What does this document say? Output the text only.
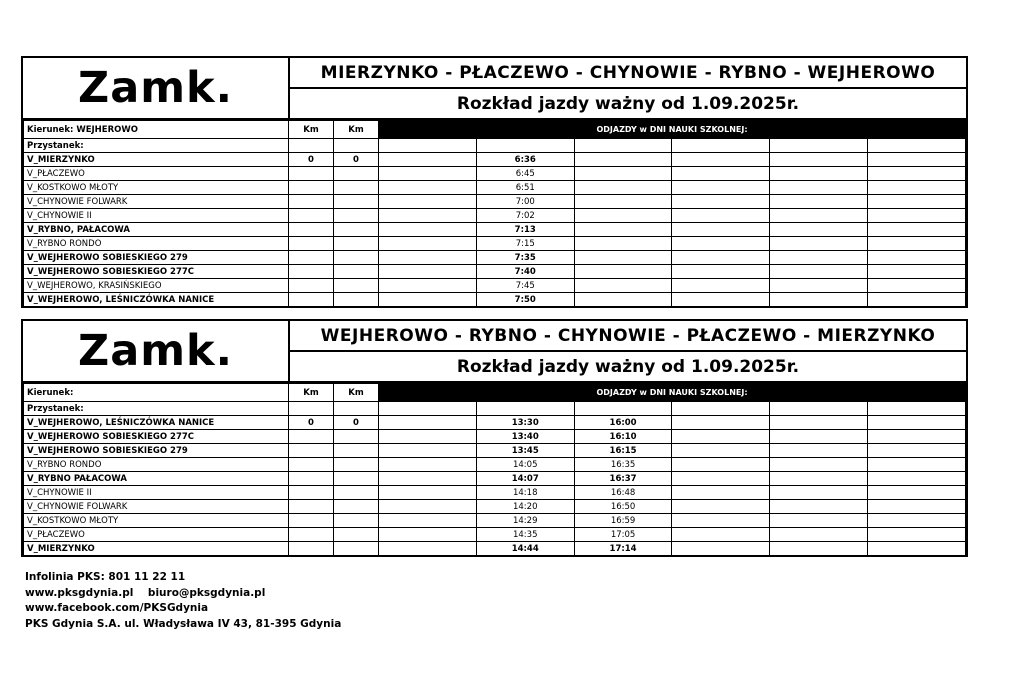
Zamk.	MIERZYNKO - PŁACZEWO - CHYNOWIE - RYBNO - WEJHEROWO
Rozkład jazdy ważny od 1.09.2025r.
Kierunek: WEJHEROWO	Km	Km	ODJAZDY w DNI NAUKI SZKOLNEJ:					
Przystanek:								
V_MIERZYNKO	0	0		6:36				
V_PŁACZEWO				6:45				
V_KOSTKOWO MŁOTY				6:51				
V_CHYNOWIE FOLWARK				7:00				
V_CHYNOWIE II				7:02				
V_RYBNO, PAŁACOWA				7:13				
V_RYBNO RONDO				7:15				
V_WEJHEROWO SOBIESKIEGO 279				7:35				
V_WEJHEROWO SOBIESKIEGO 277C				7:40				
V_WEJHEROWO, KRASIŃSKIEGO				7:45				
V_WEJHEROWO, LEŚNICZÓWKA NANICE				7:50				
Zamk.	WEJHEROWO - RYBNO - CHYNOWIE - PŁACZEWO - MIERZYNKO
Rozkład jazdy ważny od 1.09.2025r.
Kierunek:	Km	Km	ODJAZDY w DNI NAUKI SZKOLNEJ:					
Przystanek:								
V_WEJHEROWO, LEŚNICZÓWKA NANICE	0	0		13:30	16:00			
V_WEJHEROWO SOBIESKIEGO 277C				13:40	16:10			
V_WEJHEROWO SOBIESKIEGO 279				13:45	16:15			
V_RYBNO RONDO				14:05	16:35			
V_RYBNO PAŁACOWA				14:07	16:37			
V_CHYNOWIE II				14:18	16:48			
V_CHYNOWIE FOLWARK				14:20	16:50			
V_KOSTKOWO MŁOTY				14:29	16:59			
V_PŁACZEWO				14:35	17:05			
V_MIERZYNKO				14:44	17:14			
Infolinia PKS: 801 11 22 11
www.pksgdynia.pl    biuro@pksgdynia.pl
www.facebook.com/PKSGdynia
PKS Gdynia S.A. ul. Władysława IV 43, 81-395 Gdynia
